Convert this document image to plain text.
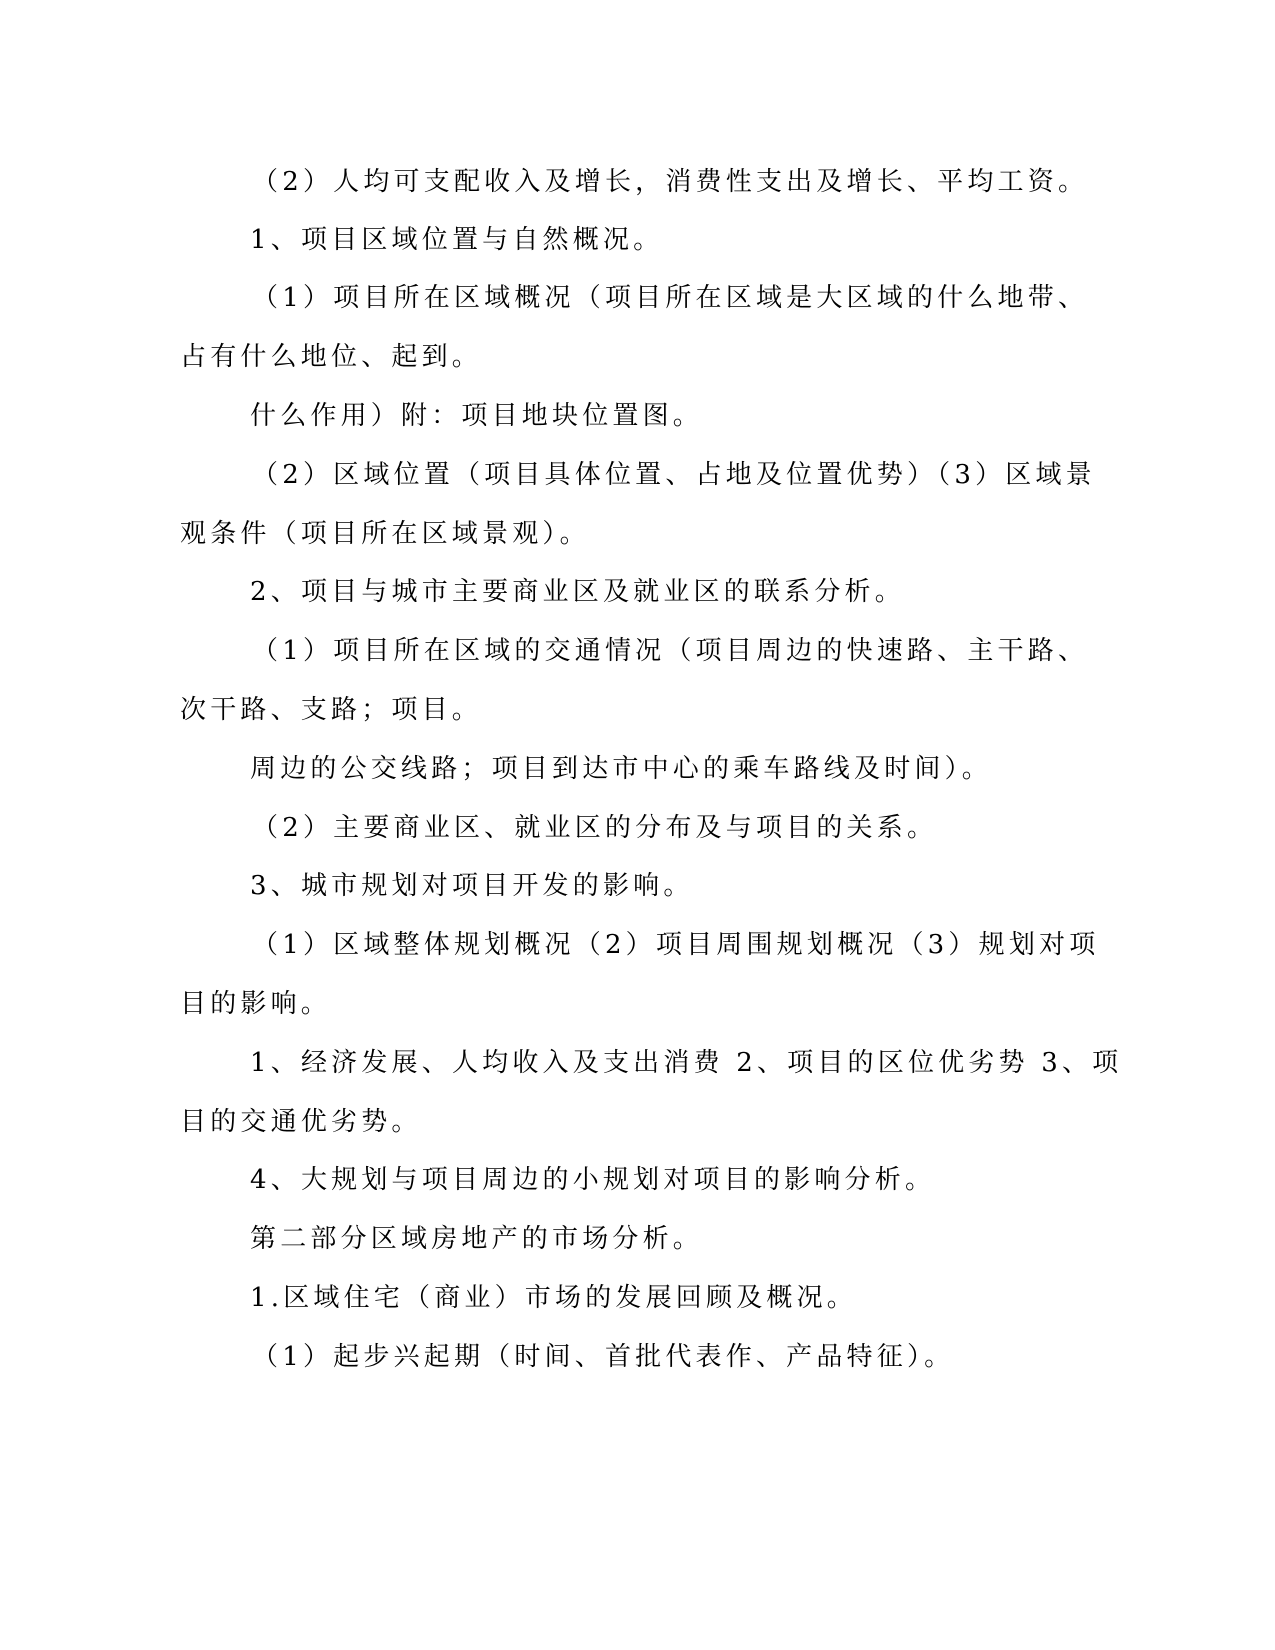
（2）人均可支配收入及增长，消费性支出及增长、平均工资。
1、项目区域位置与自然概况。
（1）项目所在区域概况（项目所在区域是大区域的什么地带、
占有什么地位、起到。
什么作用）附：项目地块位置图。
（2）区域位置（项目具体位置、占地及位置优势）（3）区域景
观条件（项目所在区域景观）。
2、项目与城市主要商业区及就业区的联系分析。
（1）项目所在区域的交通情况（项目周边的快速路、主干路、
次干路、支路；项目。
周边的公交线路；项目到达市中心的乘车路线及时间）。
（2）主要商业区、就业区的分布及与项目的关系。
3、城市规划对项目开发的影响。
（1）区域整体规划概况（2）项目周围规划概况（3）规划对项
目的影响。
1、经济发展、人均收入及支出消费 2、项目的区位优劣势 3、项
目的交通优劣势。
4、大规划与项目周边的小规划对项目的影响分析。
第二部分区域房地产的市场分析。
1.区域住宅（商业）市场的发展回顾及概况。
（1）起步兴起期（时间、首批代表作、产品特征）。
